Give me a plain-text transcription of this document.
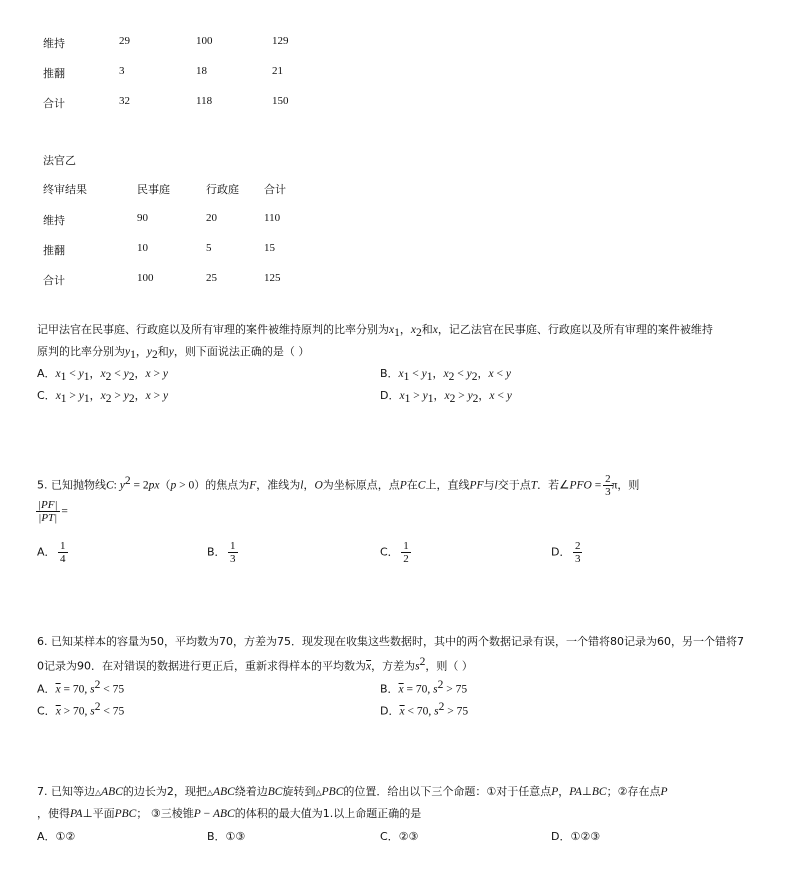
维持	29	100	129
推翻	3	18	21
合计	32	118	150
法官乙
终审结果	民事庭	行政庭 合计
维持	90	20	110
推翻	10	5	15
合计	100	25	125
记甲法官在民事庭、行政庭以及所有审理的案件被维持原判的比率分别为$x_1$，$x_2$和x，记乙法官在民事庭、行政庭以及所有审理的案件被维持
原判的比率分别为$y_1$，$y_2$和y，则下面说法正确的是（ ）
A．$x_1 < y_1$，$x_2 < y_2$，x > y	B．$x_1 < y_1$，$x_2 < y_2$，x < y
C．$x_1 > y_1$，$x_2 > y_2$，x > y	D．$x_1 > y_1$，$x_2 > y_2$，x < y
5. 已知抛物线C: $y^2 = 2px(p > 0)$的焦点为F，准线为l，O为坐标原点，点P在C上，直线PF与l交于点T．若∠PFO = $\frac{2}{3}$ π，则
$\frac{|PF|}{|PT|}$ =
A． $\frac{1}{4}$	B． $\frac{1}{3}$	C． $\frac{1}{2}$	D． $\frac{2}{3}$
6. 已知某样本的容量为50，平均数为70，方差为75．现发现在收集这些数据时，其中的两个数据记录有误，一个错将80记录为60，另一个错将7
0记录为90．在对错误的数据进行更正后，重新求得样本的平均数为$\overline{x}$，方差为$s^2$，则（ ）
A．$\overline{x} = 70$, $s^2 < 75$	B．$\overline{x} = 70$, $s^2 > 75$
C．$\overline{x} > 70$, $s^2 < 75$	D．$\overline{x} < 70$, $s^2 > 75$
7. 已知等边△ABC的边长为2，现把△ABC绕着边BC旋转到△PBC的位置．给出以下三个命题：①对于任意点P，PA⊥BC；②存在点P
，使得PA⊥平面PBC； ③三棱锥P − ABC的体积的最大值为1.以上命题正确的是
A．①②	B．①③	C．②③	D．①②③
